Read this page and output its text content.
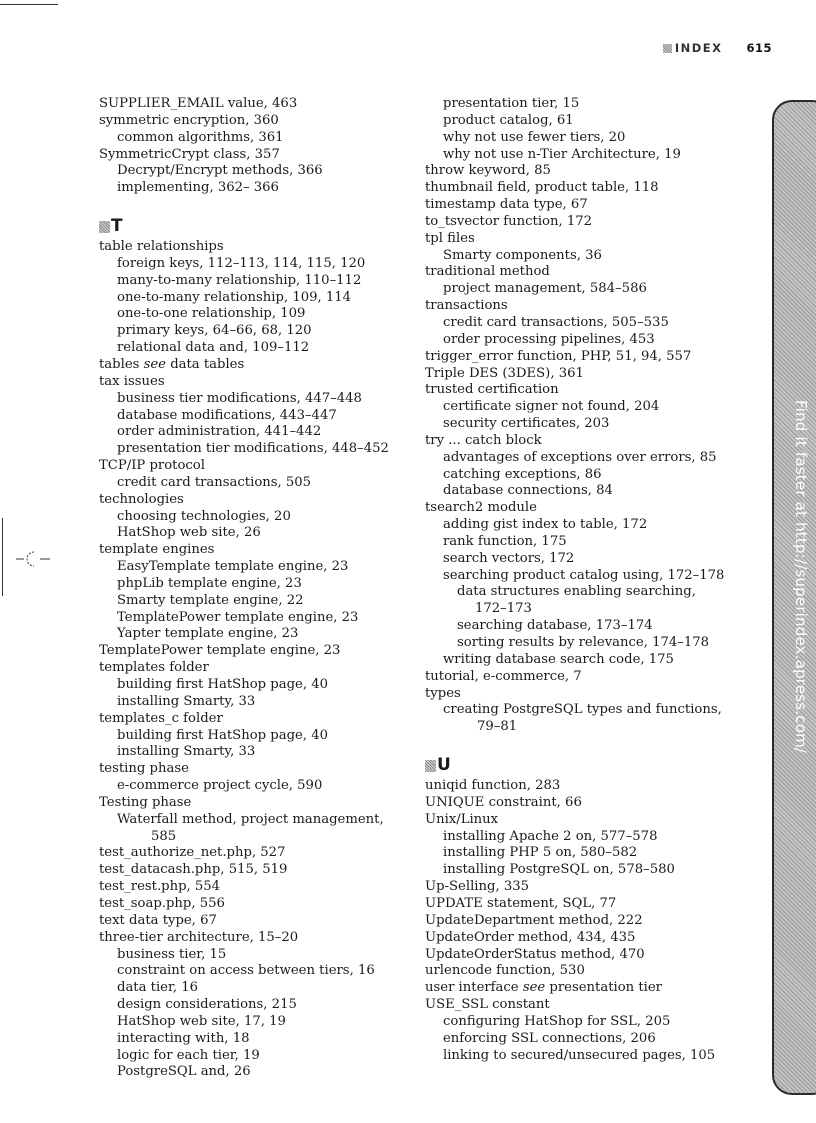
INDEX 615
SUPPLIER_EMAIL value, 463
symmetric encryption, 360
common algorithms, 361
SymmetricCrypt class, 357
Decrypt/Encrypt methods, 366
implementing, 362– 366
T
table relationships
foreign keys, 112–113, 114, 115, 120
many-to-many relationship, 110–112
one-to-many relationship, 109, 114
one-to-one relationship, 109
primary keys, 64–66, 68, 120
relational data and, 109–112
tables see data tables
tax issues
business tier modifications, 447–448
database modifications, 443–447
order administration, 441–442
presentation tier modifications, 448–452
TCP/IP protocol
credit card transactions, 505
technologies
choosing technologies, 20
HatShop web site, 26
template engines
EasyTemplate template engine, 23
phpLib template engine, 23
Smarty template engine, 22
TemplatePower template engine, 23
Yapter template engine, 23
TemplatePower template engine, 23
templates folder
building first HatShop page, 40
installing Smarty, 33
templates_c folder
building first HatShop page, 40
installing Smarty, 33
testing phase
e-commerce project cycle, 590
Testing phase
Waterfall method, project management,
585
test_authorize_net.php, 527
test_datacash.php, 515, 519
test_rest.php, 554
test_soap.php, 556
text data type, 67
three-tier architecture, 15–20
business tier, 15
constraint on access between tiers, 16
data tier, 16
design considerations, 215
HatShop web site, 17, 19
interacting with, 18
logic for each tier, 19
PostgreSQL and, 26
presentation tier, 15
product catalog, 61
why not use fewer tiers, 20
why not use n-Tier Architecture, 19
throw keyword, 85
thumbnail field, product table, 118
timestamp data type, 67
to_tsvector function, 172
tpl files
Smarty components, 36
traditional method
project management, 584–586
transactions
credit card transactions, 505–535
order processing pipelines, 453
trigger_error function, PHP, 51, 94, 557
Triple DES (3DES), 361
trusted certification
certificate signer not found, 204
security certificates, 203
try ... catch block
advantages of exceptions over errors, 85
catching exceptions, 86
database connections, 84
tsearch2 module
adding gist index to table, 172
rank function, 175
search vectors, 172
searching product catalog using, 172–178
data structures enabling searching,
172–173
searching database, 173–174
sorting results by relevance, 174–178
writing database search code, 175
tutorial, e-commerce, 7
types
creating PostgreSQL types and functions,
79–81
U
uniqid function, 283
UNIQUE constraint, 66
Unix/Linux
installing Apache 2 on, 577–578
installing PHP 5 on, 580–582
installing PostgreSQL on, 578–580
Up-Selling, 335
UPDATE statement, SQL, 77
UpdateDepartment method, 222
UpdateOrder method, 434, 435
UpdateOrderStatus method, 470
urlencode function, 530
user interface see presentation tier
USE_SSL constant
configuring HatShop for SSL, 205
enforcing SSL connections, 206
linking to secured/unsecured pages, 105
Find it faster at http://superindex.apress.com/
